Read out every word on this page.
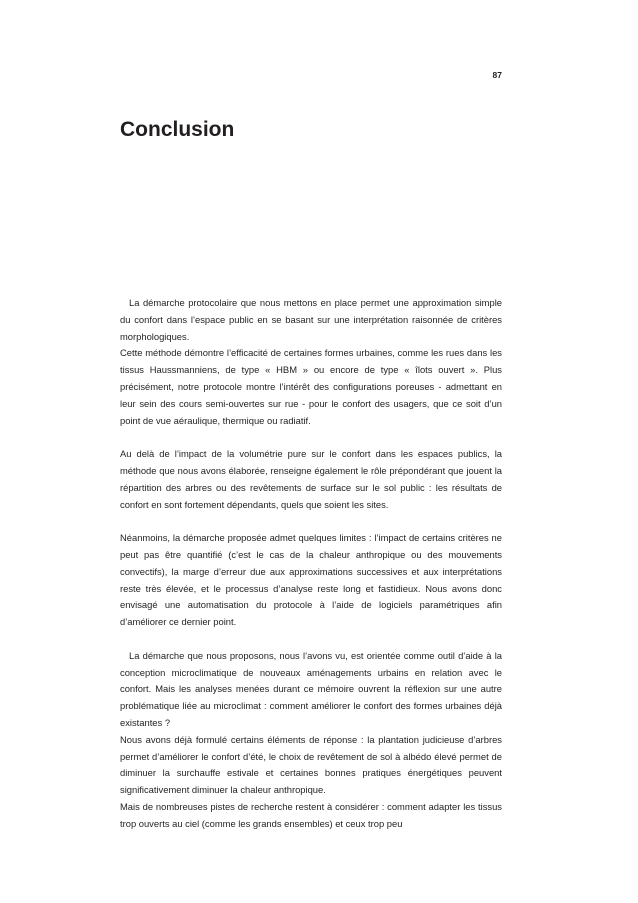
87
Conclusion

La démarche protocolaire que nous mettons en place permet une approximation simple du confort dans l’espace public en se basant sur une interprétation raisonnée de critères morphologiques.

Cette méthode démontre l’efficacité de certaines formes urbaines, comme les rues dans les tissus Haussmanniens, de type « HBM » ou encore de type « îlots ouvert ». Plus précisément, notre protocole montre l’intérêt des configurations poreuses - admettant en leur sein des cours semi-ouvertes sur rue - pour le confort des usagers, que ce soit d’un point de vue aéraulique, thermique ou radiatif.

Au delà de l’impact de la volumétrie pure sur le confort dans les espaces publics, la méthode que nous avons élaborée, renseigne également le rôle prépondérant que jouent la répartition des arbres ou des revêtements de surface sur le sol public : les résultats de confort en sont fortement dépendants, quels que soient les sites.

Néanmoins, la démarche proposée admet quelques limites : l’impact de certains critères ne peut pas être quantifié (c’est le cas de la chaleur anthropique ou des mouvements convectifs), la marge d’erreur due aux approximations successives et aux interprétations reste très élevée, et le processus d’analyse reste long et fastidieux. Nous avons donc envisagé une automatisation du protocole à l’aide de logiciels paramétriques afin d’améliorer ce dernier point.

La démarche que nous proposons, nous l’avons vu, est orientée comme outil d’aide à la conception microclimatique de nouveaux aménagements urbains en relation avec le confort. Mais les analyses menées durant ce mémoire ouvrent la réflexion sur une autre problématique liée au microclimat : comment améliorer le confort des formes urbaines déjà existantes ?

Nous avons déjà formulé certains éléments de réponse : la plantation judicieuse d’arbres permet d’améliorer le confort d’été, le choix de revêtement de sol à albédo élevé permet de diminuer la surchauffe estivale et certaines bonnes pratiques énergétiques peuvent significativement diminuer la chaleur anthropique.

Mais de nombreuses pistes de recherche restent à considérer : comment adapter les tissus trop ouverts au ciel (comme les grands ensembles) et ceux trop peu
